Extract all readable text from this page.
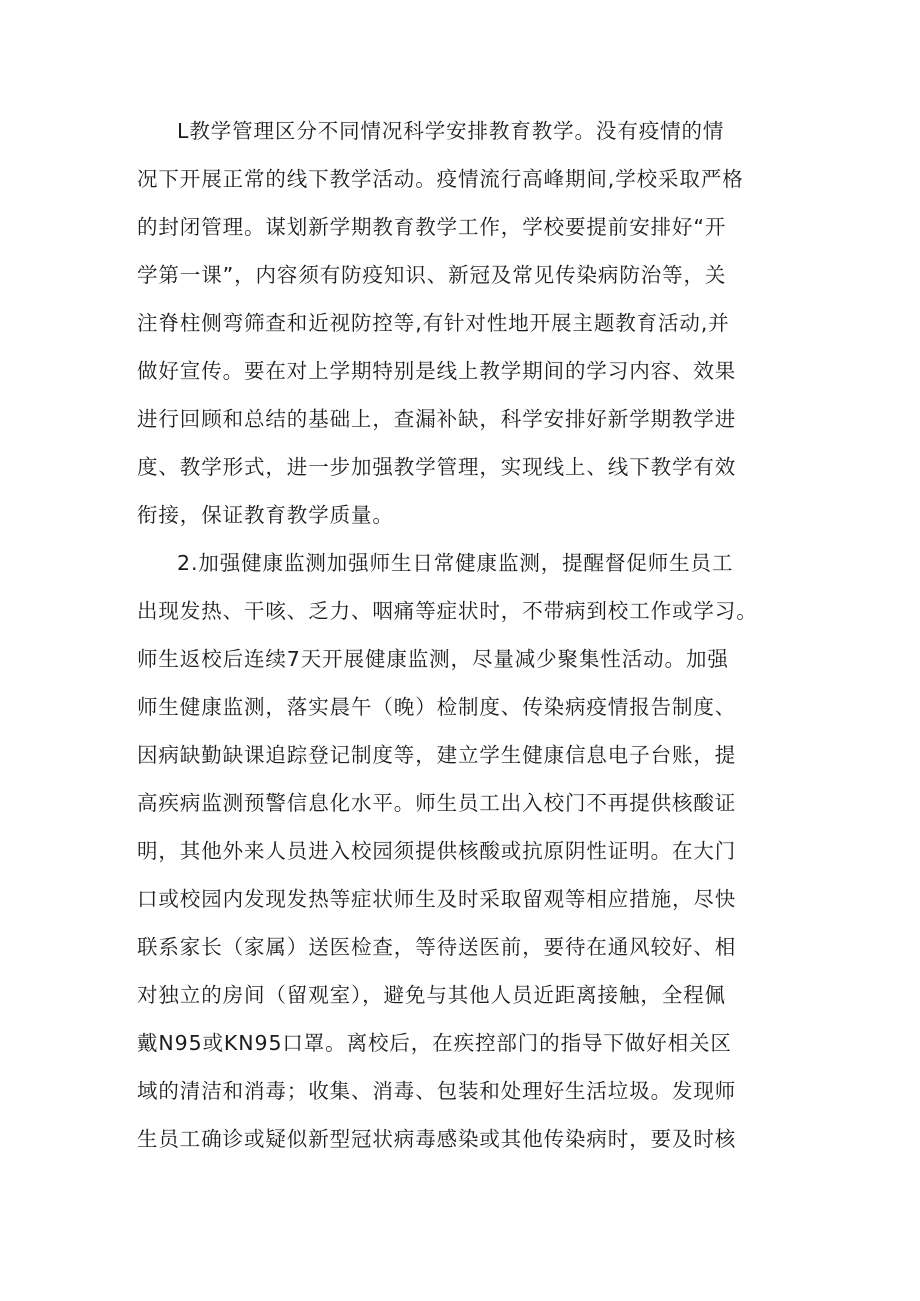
L教学管理区分不同情况科学安排教育教学。没有疫情的情
况下开展正常的线下教学活动。疫情流行高峰期间,学校采取严格
的封闭管理。谋划新学期教育教学工作，学校要提前安排好“开
学第一课”，内容须有防疫知识、新冠及常见传染病防治等，关
注脊柱侧弯筛查和近视防控等,有针对性地开展主题教育活动,并
做好宣传。要在对上学期特别是线上教学期间的学习内容、效果
进行回顾和总结的基础上，查漏补缺，科学安排好新学期教学进
度、教学形式，进一步加强教学管理，实现线上、线下教学有效
衔接，保证教育教学质量。
2.加强健康监测加强师生日常健康监测，提醒督促师生员工
出现发热、干咳、乏力、咽痛等症状时，不带病到校工作或学习。
师生返校后连续7天开展健康监测，尽量减少聚集性活动。加强
师生健康监测，落实晨午（晚）检制度、传染病疫情报告制度、
因病缺勤缺课追踪登记制度等，建立学生健康信息电子台账，提
高疾病监测预警信息化水平。师生员工出入校门不再提供核酸证
明，其他外来人员进入校园须提供核酸或抗原阴性证明。在大门
口或校园内发现发热等症状师生及时采取留观等相应措施，尽快
联系家长（家属）送医检查，等待送医前，要待在通风较好、相
对独立的房间（留观室），避免与其他人员近距离接触，全程佩
戴N95或KN95口罩。离校后，在疾控部门的指导下做好相关区
域的清洁和消毒；收集、消毒、包装和处理好生活垃圾。发现师
生员工确诊或疑似新型冠状病毒感染或其他传染病时，要及时核
